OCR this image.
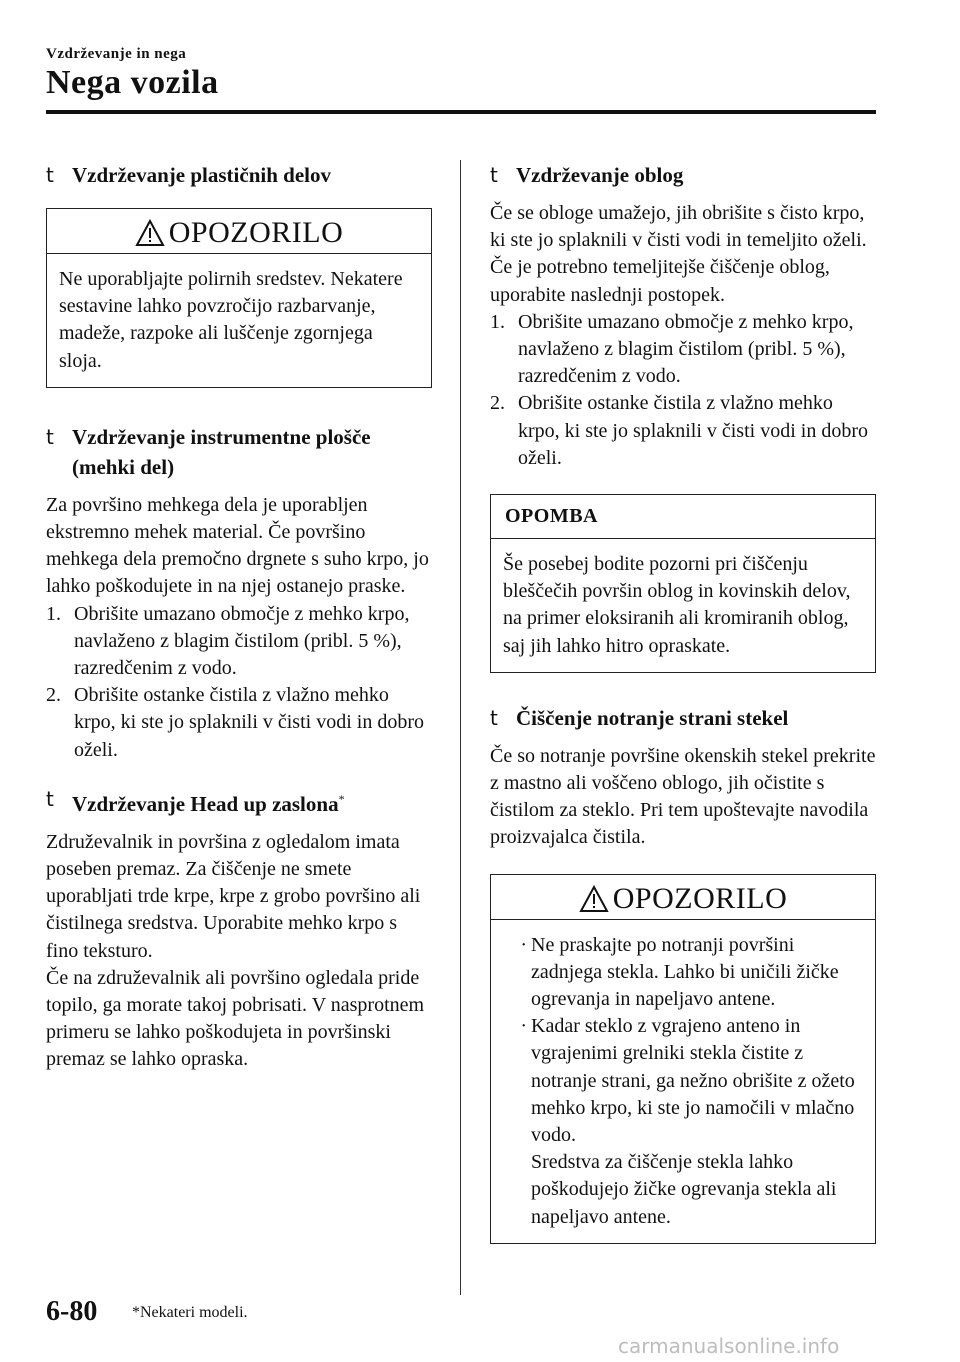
Vzdrževanje in nega
Nega vozila
t Vzdrževanje plastičnih delov
OPOZORILO
Ne uporabljajte polirnih sredstev. Nekatere sestavine lahko povzročijo razbarvanje, madeže, razpoke ali luščenje zgornjega sloja.
t Vzdrževanje instrumentne plošče (mehki del)

Za površino mehkega dela je uporabljen ekstremno mehek material. Če površino mehkega dela premočno drgnete s suho krpo, jo lahko poškodujete in na njej ostanejo praske.

1. Obrišite umazano območje z mehko krpo, navlaženo z blagim čistilom (pribl. 5 %), razredčenim z vodo.
2. Obrišite ostanke čistila z vlažno mehko krpo, ki ste jo splaknili v čisti vodi in dobro oželi.
t Vzdrževanje Head up zaslona*

Združevalnik in površina z ogledalom imata poseben premaz. Za čiščenje ne smete uporabljati trde krpe, krpe z grobo površino ali čistilnega sredstva. Uporabite mehko krpo s fino teksturo.

Če na združevalnik ali površino ogledala pride topilo, ga morate takoj pobrisati. V nasprotnem primeru se lahko poškodujeta in površinski premaz se lahko opraska.

t Vzdrževanje oblog

Če se obloge umažejo, jih obrišite s čisto krpo, ki ste jo splaknili v čisti vodi in temeljito oželi.

Če je potrebno temeljitejše čiščenje oblog, uporabite naslednji postopek.

1. Obrišite umazano območje z mehko krpo, navlaženo z blagim čistilom (pribl. 5 %), razredčenim z vodo.
2. Obrišite ostanke čistila z vlažno mehko krpo, ki ste jo splaknili v čisti vodi in dobro oželi.
OPOMBA
Še posebej bodite pozorni pri čiščenju bleščečih površin oblog in kovinskih delov, na primer eloksiranih ali kromiranih oblog, saj jih lahko hitro opraskate.
t Čiščenje notranje strani stekel

Če so notranje površine okenskih stekel prekrite z mastno ali voščeno oblogo, jih očistite s čistilom za steklo. Pri tem upoštevajte navodila proizvajalca čistila.

OPOZORILO
· Ne praskajte po notranji površini zadnjega stekla. Lahko bi uničili žičke ogrevanja in napeljavo antene.
· Kadar steklo z vgrajeno anteno in vgrajenimi grelniki stekla čistite z notranje strani, ga nežno obrišite z ožeto mehko krpo, ki ste jo namočili v mlačno vodo.
Sredstva za čiščenje stekla lahko poškodujejo žičke ogrevanja stekla ali napeljavo antene.
6-80 *Nekateri modeli.
carmanualsonline.info
